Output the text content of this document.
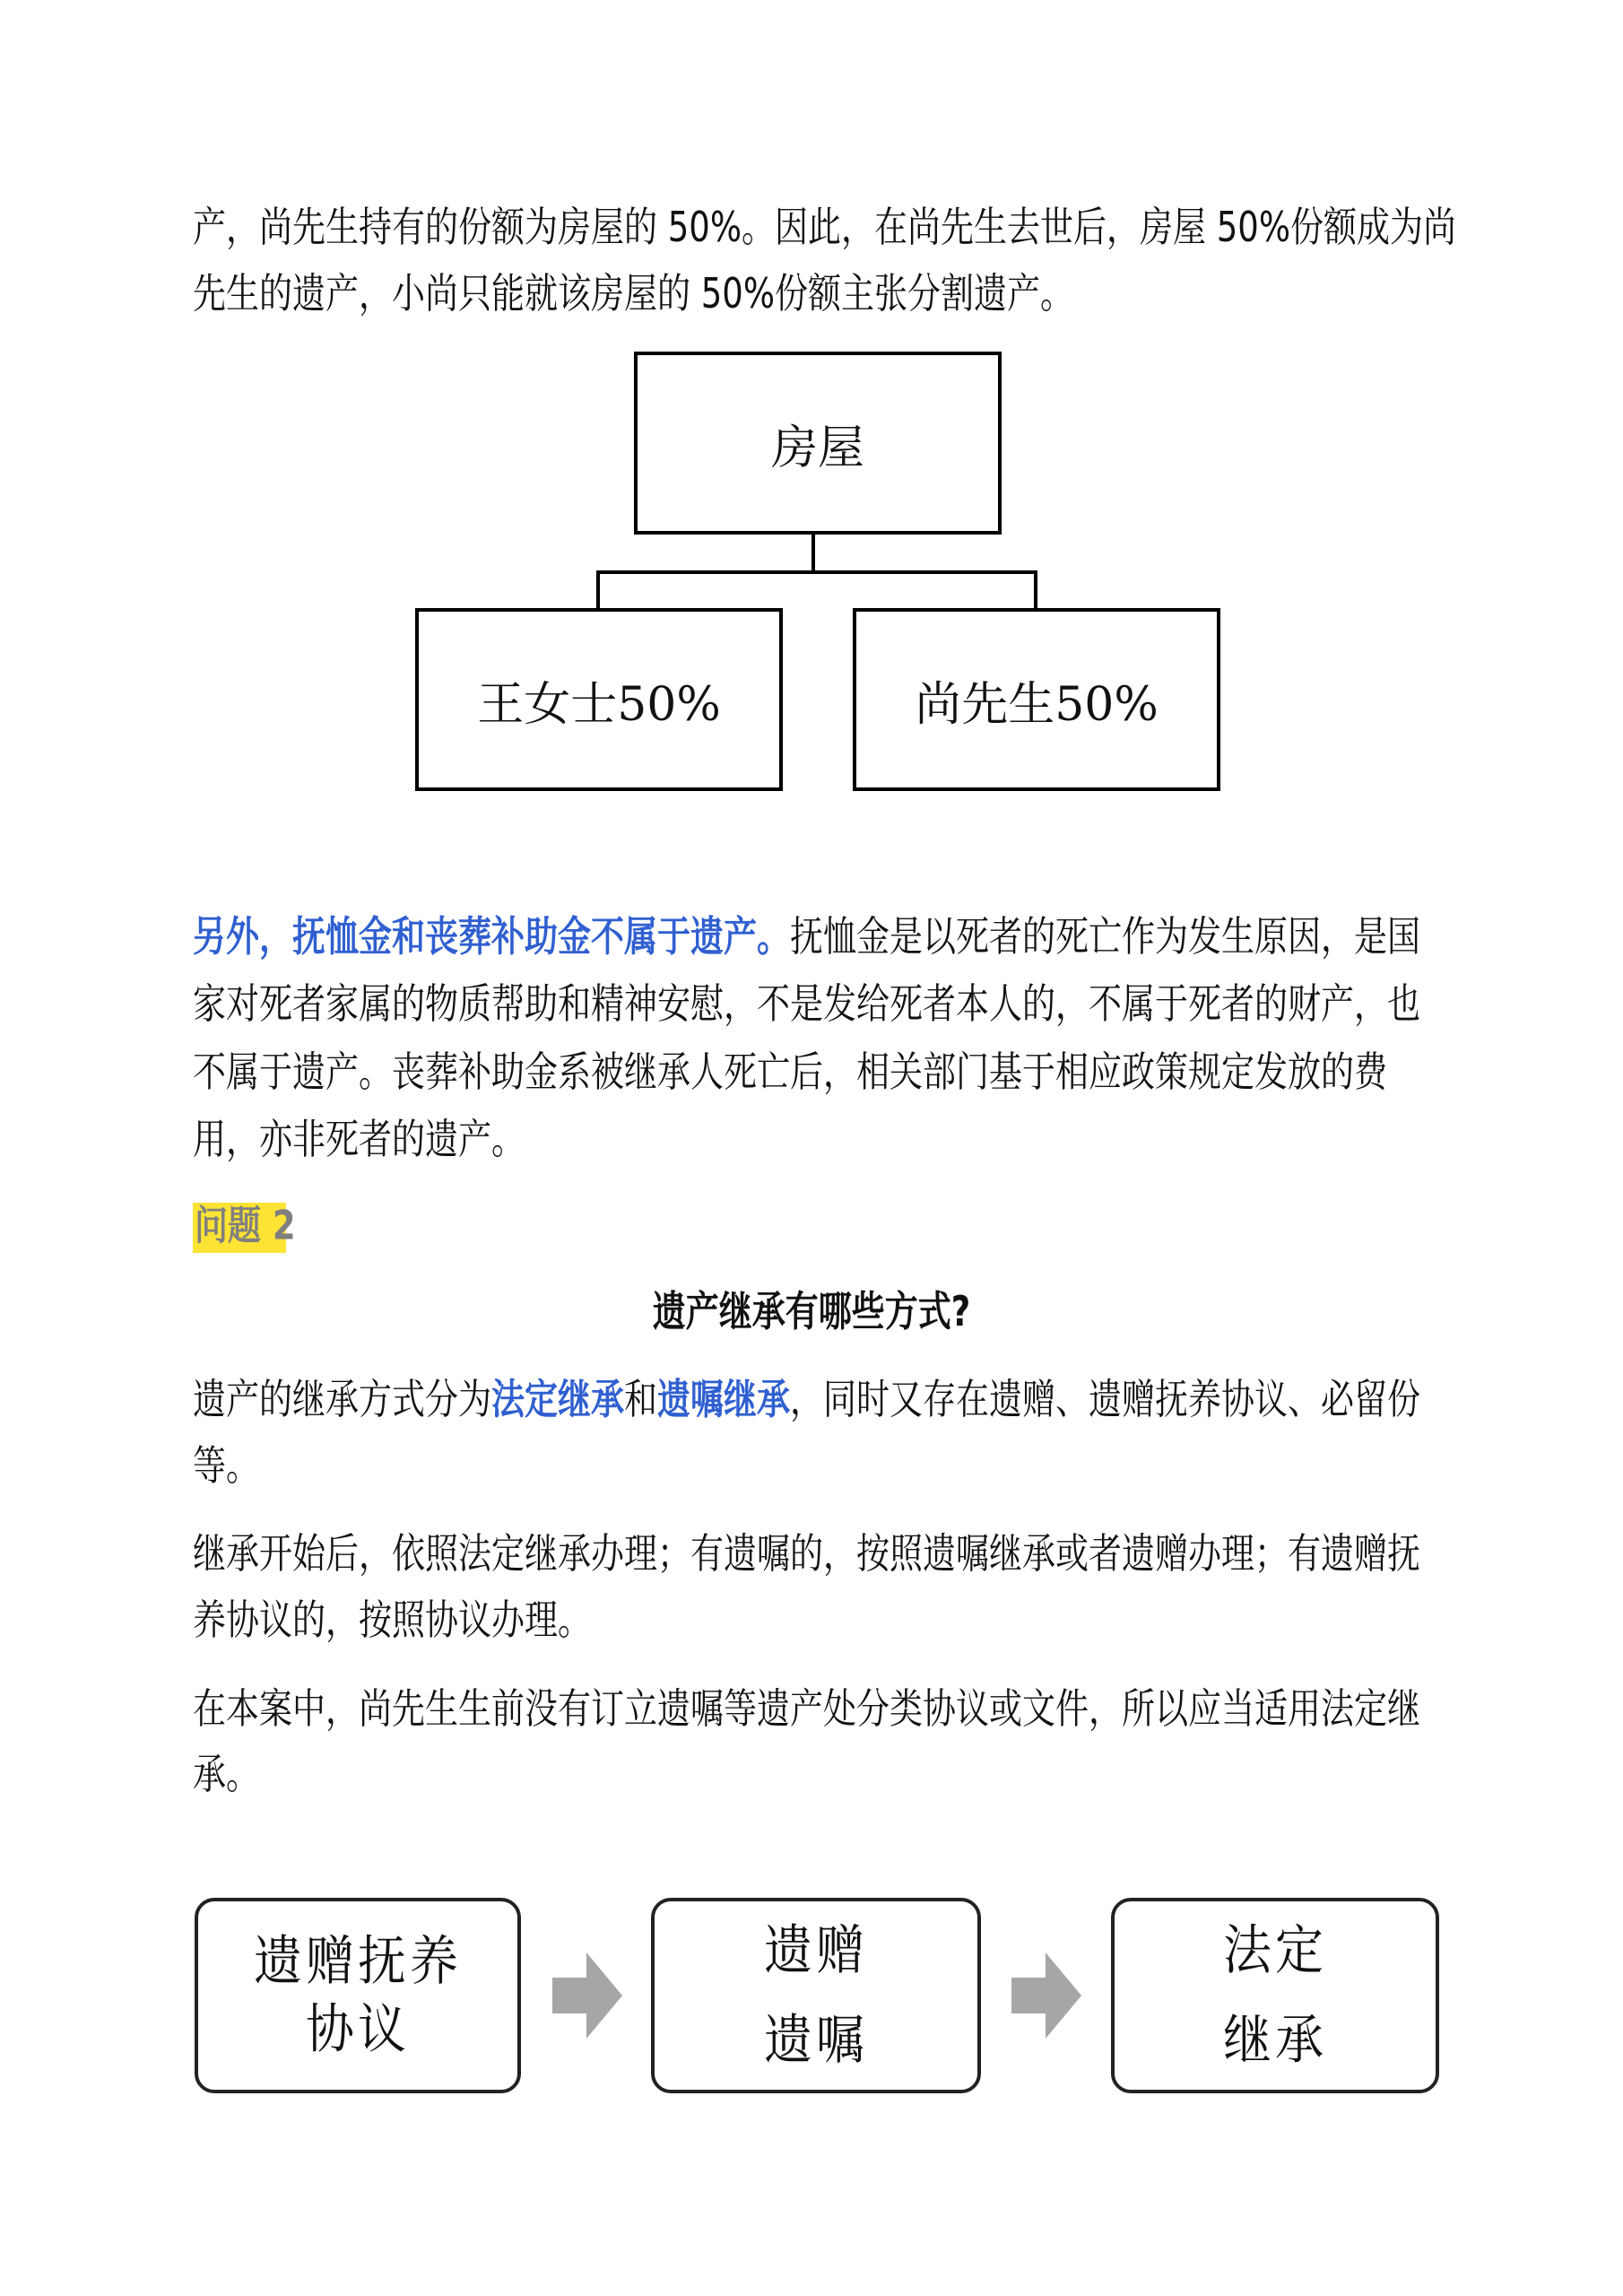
产，尚先生持有的份额为房屋的 50%。因此，在尚先生去世后，房屋 50%份额成为尚
先生的遗产，小尚只能就该房屋的 50%份额主张分割遗产。
房屋
王女士50%	尚先生50%
另外，抚恤金和丧葬补助金不属于遗产。抚恤金是以死者的死亡作为发生原因，是国
家对死者家属的物质帮助和精神安慰，不是发给死者本人的，不属于死者的财产，也
不属于遗产。丧葬补助金系被继承人死亡后，相关部门基于相应政策规定发放的费
用，亦非死者的遗产。
问题 2
遗产继承有哪些方式?
遗产的继承方式分为法定继承和遗嘱继承，同时又存在遗赠、遗赠抚养协议、必留份
等。
继承开始后，依照法定继承办理；有遗嘱的，按照遗嘱继承或者遗赠办理；有遗赠抚
养协议的，按照协议办理。
在本案中，尚先生生前没有订立遗嘱等遗产处分类协议或文件，所以应当适用法定继
承。
遗赠抚养
协议
遗赠
遗嘱
法定
继承
